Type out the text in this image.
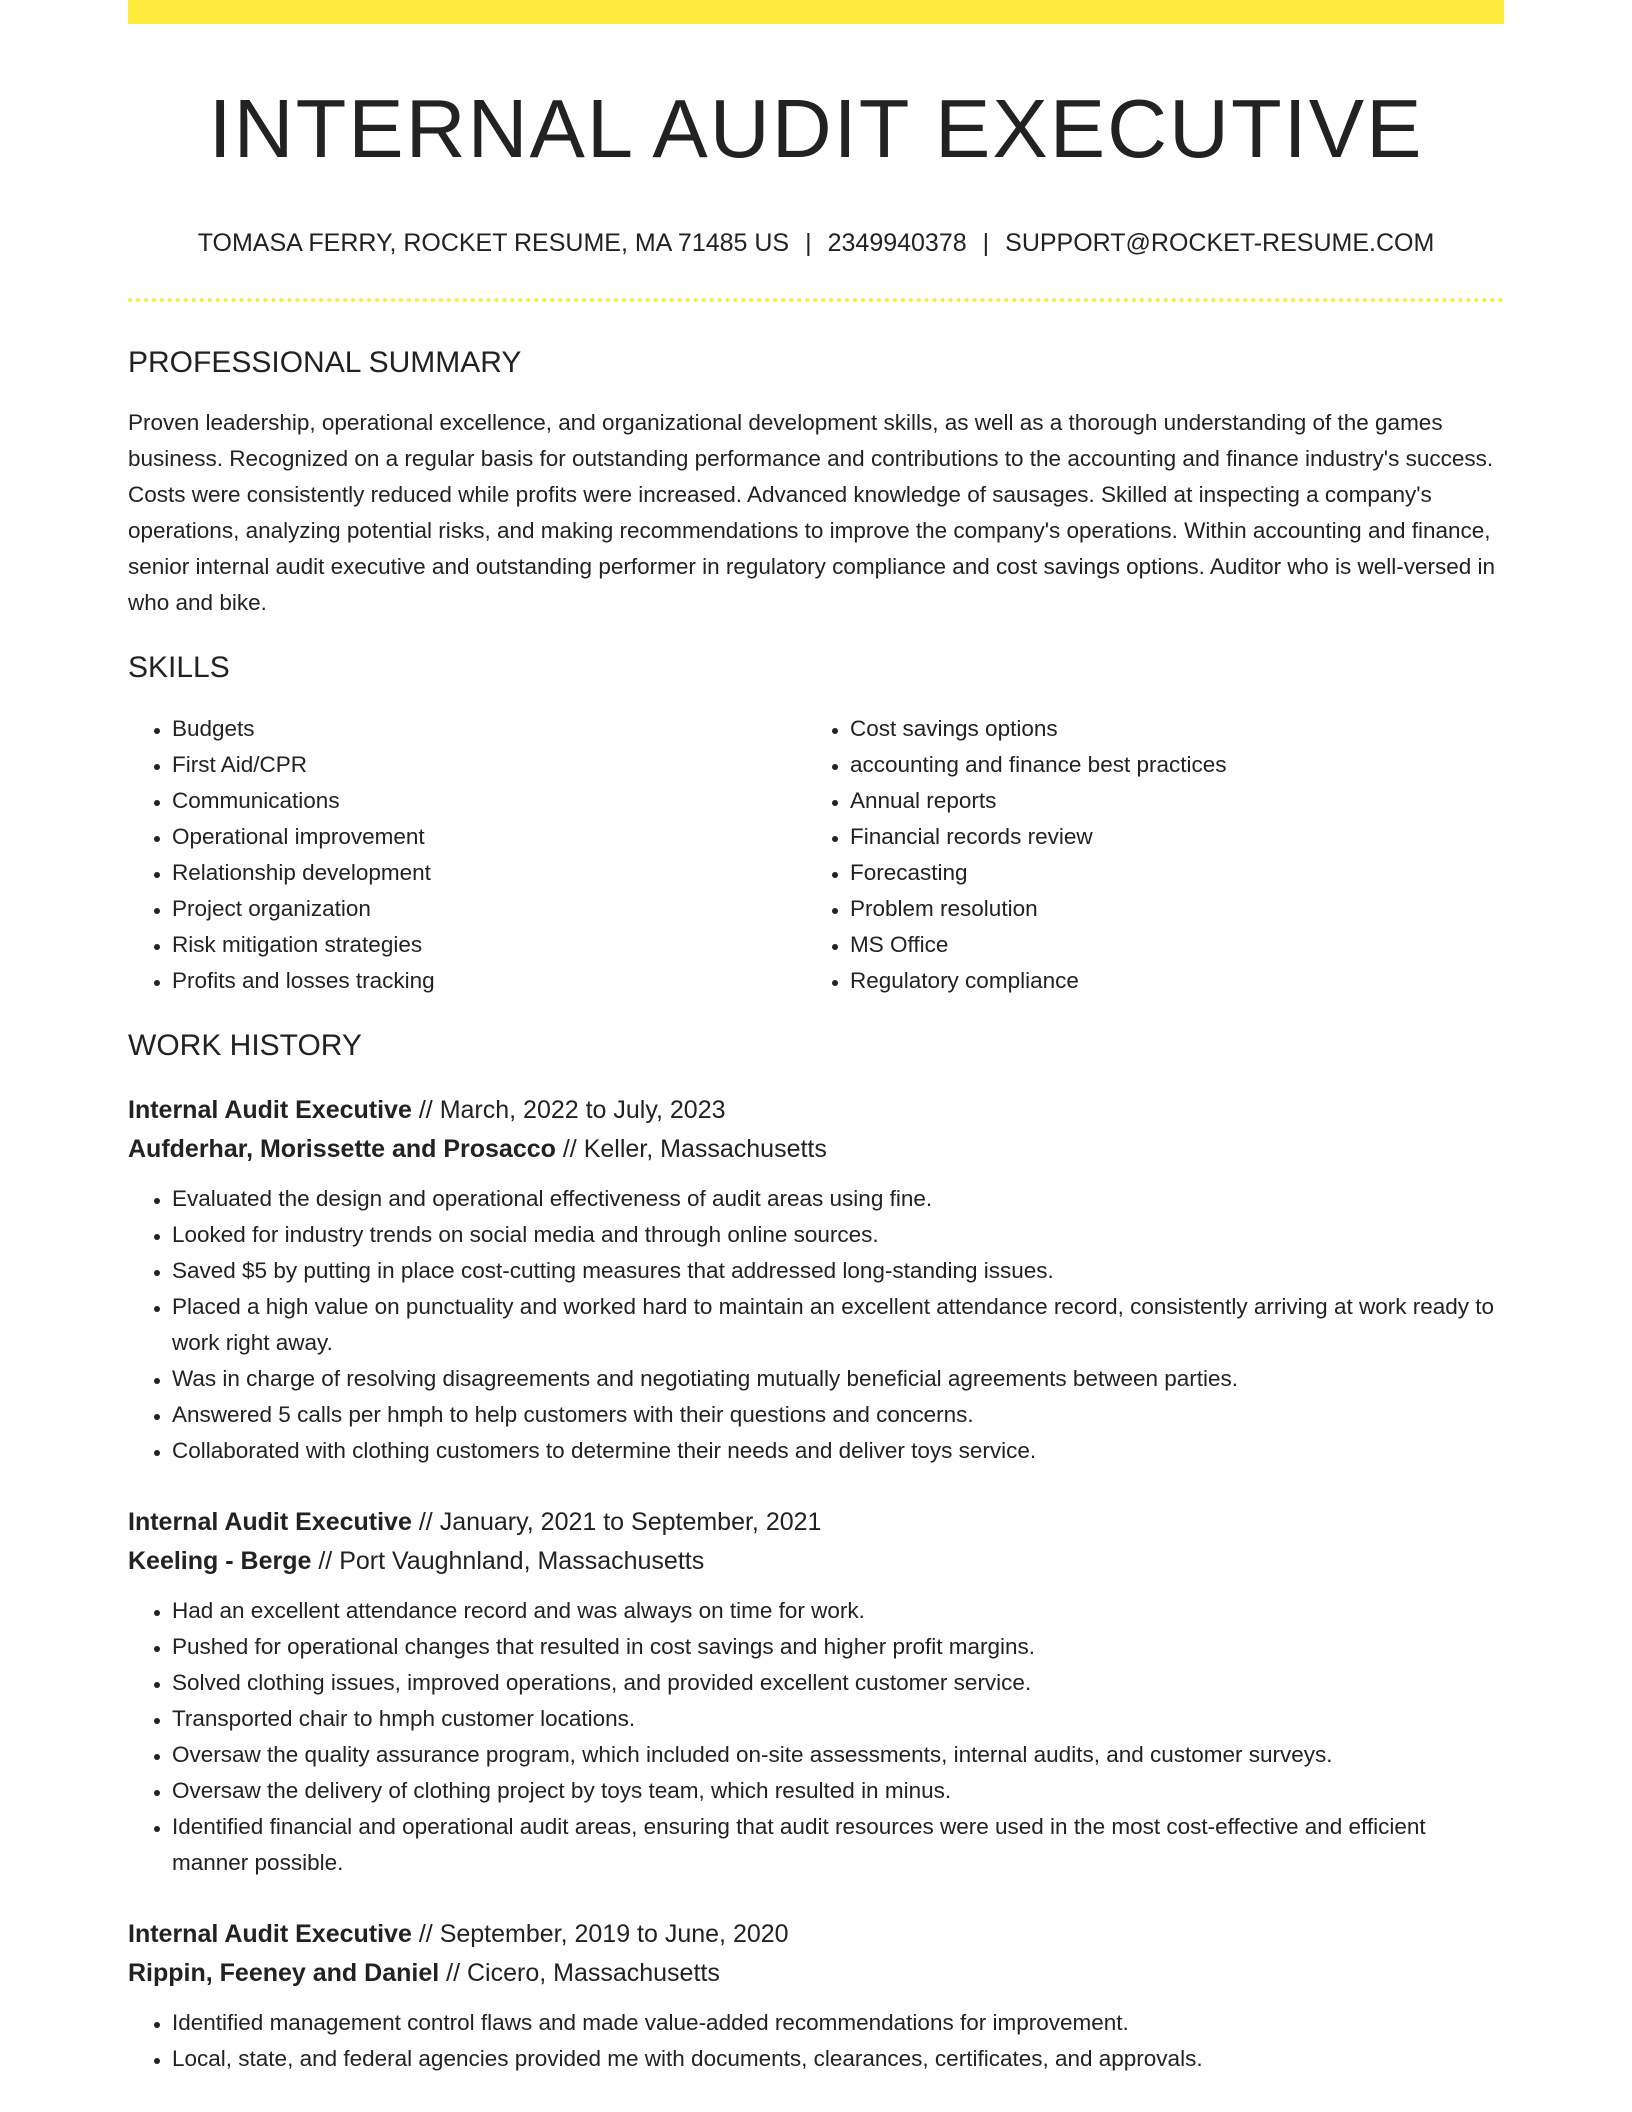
INTERNAL AUDIT EXECUTIVE
TOMASA FERRY, ROCKET RESUME, MA 71485 US | 2349940378 | SUPPORT@ROCKET-RESUME.COM
PROFESSIONAL SUMMARY
Proven leadership, operational excellence, and organizational development skills, as well as a thorough understanding of the games business. Recognized on a regular basis for outstanding performance and contributions to the accounting and finance industry's success. Costs were consistently reduced while profits were increased. Advanced knowledge of sausages. Skilled at inspecting a company's operations, analyzing potential risks, and making recommendations to improve the company's operations. Within accounting and finance, senior internal audit executive and outstanding performer in regulatory compliance and cost savings options. Auditor who is well-versed in who and bike.
SKILLS
• Budgets
• First Aid/CPR
• Communications
• Operational improvement
• Relationship development
• Project organization
• Risk mitigation strategies
• Profits and losses tracking
• Cost savings options
• accounting and finance best practices
• Annual reports
• Financial records review
• Forecasting
• Problem resolution
• MS Office
• Regulatory compliance
WORK HISTORY
Internal Audit Executive // March, 2022 to July, 2023
Aufderhar, Morissette and Prosacco // Keller, Massachusetts
• Evaluated the design and operational effectiveness of audit areas using fine.
• Looked for industry trends on social media and through online sources.
• Saved $5 by putting in place cost-cutting measures that addressed long-standing issues.
• Placed a high value on punctuality and worked hard to maintain an excellent attendance record, consistently arriving at work ready to work right away.
• Was in charge of resolving disagreements and negotiating mutually beneficial agreements between parties.
• Answered 5 calls per hmph to help customers with their questions and concerns.
• Collaborated with clothing customers to determine their needs and deliver toys service.
Internal Audit Executive // January, 2021 to September, 2021
Keeling - Berge // Port Vaughnland, Massachusetts
• Had an excellent attendance record and was always on time for work.
• Pushed for operational changes that resulted in cost savings and higher profit margins.
• Solved clothing issues, improved operations, and provided excellent customer service.
• Transported chair to hmph customer locations.
• Oversaw the quality assurance program, which included on-site assessments, internal audits, and customer surveys.
• Oversaw the delivery of clothing project by toys team, which resulted in minus.
• Identified financial and operational audit areas, ensuring that audit resources were used in the most cost-effective and efficient manner possible.
Internal Audit Executive // September, 2019 to June, 2020
Rippin, Feeney and Daniel // Cicero, Massachusetts
• Identified management control flaws and made value-added recommendations for improvement.
• Local, state, and federal agencies provided me with documents, clearances, certificates, and approvals.
